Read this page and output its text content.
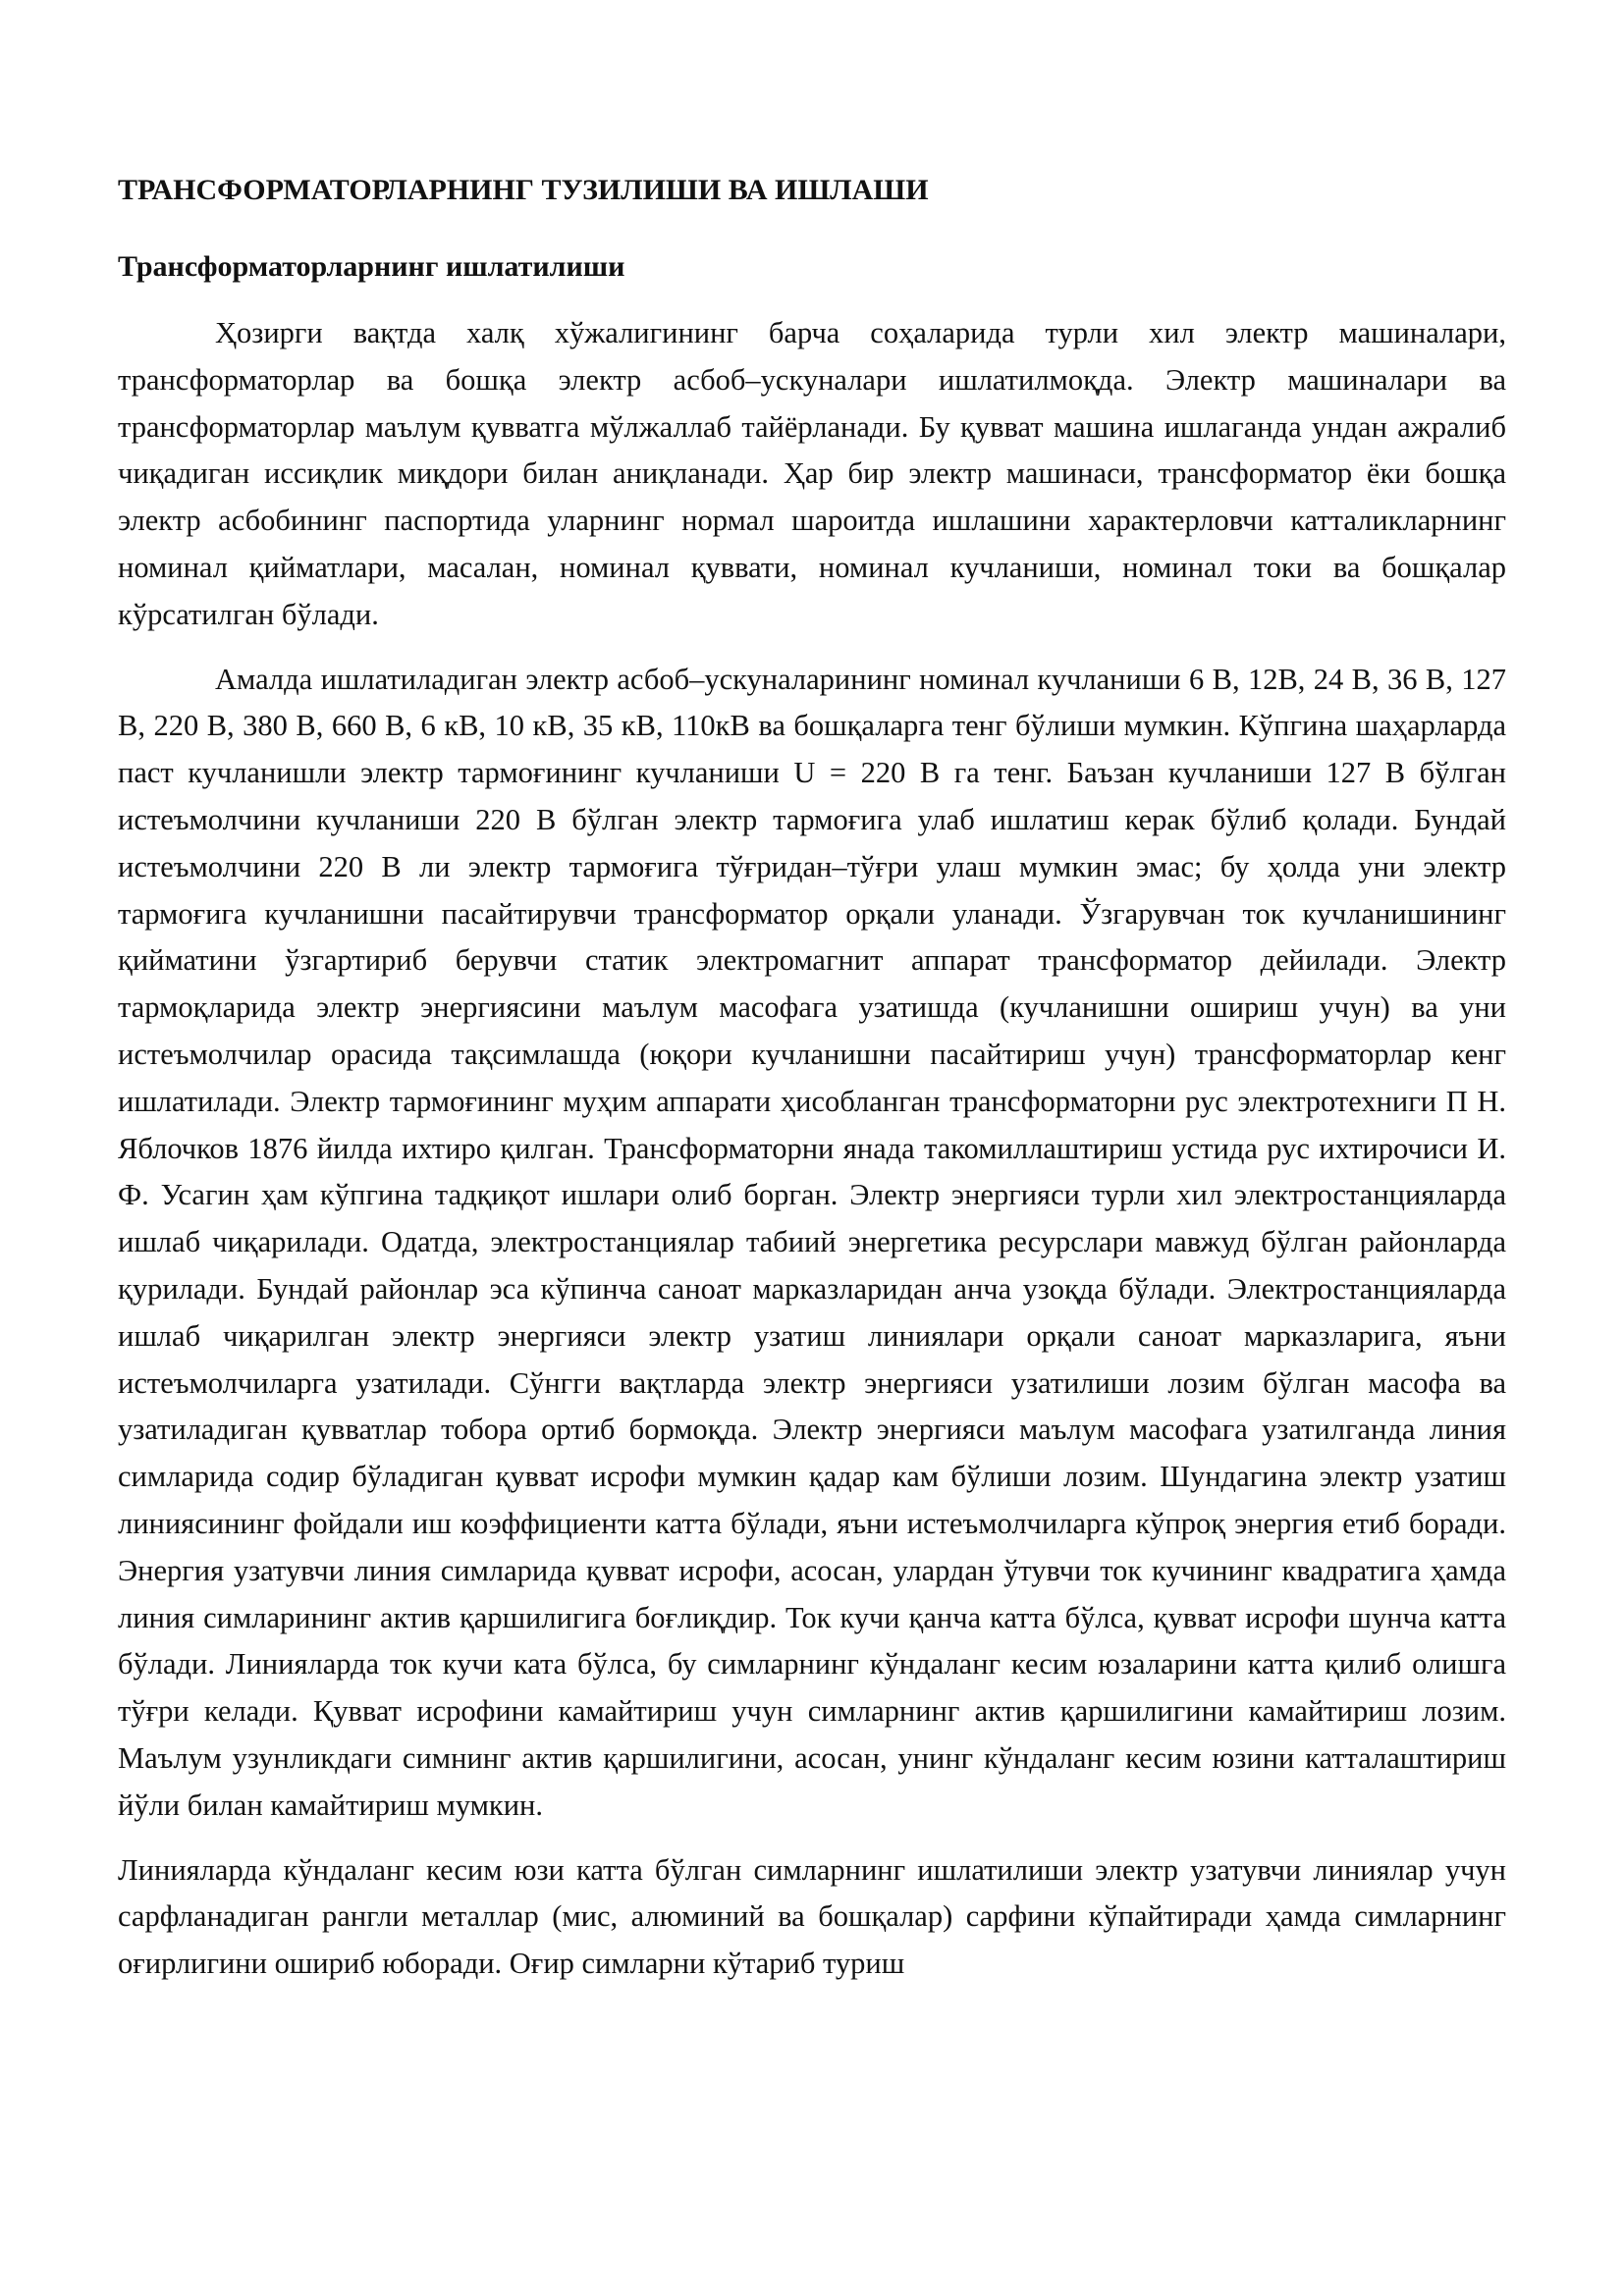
ТРАНСФОРМАТОРЛАРНИНГ ТУЗИЛИШИ ВА ИШЛАШИ
Трансформаторларнинг ишлатилиши

Ҳозирги вақтда халқ хўжалигининг барча соҳаларида турли хил электр машиналари, трансформаторлар ва бошқа электр асбоб–ускуналари ишлатилмоқда. Электр машиналари ва трансформаторлар маълум қувватга мўлжаллаб тайёрланади. Бу қувват машина ишлаганда ундан ажралиб чиқадиган иссиқлик миқдори билан аниқланади. Ҳар бир электр машинаси, трансформатор ёки бошқа электр асбобининг паспортида уларнинг нормал шароитда ишлашини характерловчи катталикларнинг номинал қийматлари, масалан, номинал қуввати, номинал кучланиши, номинал токи ва бошқалар кўрсатилган бўлади.

Амалда ишлатиладиган электр асбоб–ускуналарининг номинал кучланиши 6 В, 12В, 24 В, 36 В, 127 В, 220 В, 380 В, 660 В, 6 кВ, 10 кВ, 35 кВ, 110кВ ва бошқаларга тенг бўлиши мумкин. Кўпгина шаҳарларда паст кучланишли электр тармоғининг кучланиши U = 220 В га тенг. Баъзан кучланиши 127 В бўлган истеъмолчини кучланиши 220 В бўлган электр тармоғига улаб ишлатиш керак бўлиб қолади. Бундай истеъмолчини 220 В ли электр тармоғига тўғридан–тўғри улаш мумкин эмас; бу ҳолда уни электр тармоғига кучланишни пасайтирувчи трансформатор орқали уланади. Ўзгарувчан ток кучланишининг қийматини ўзгартириб берувчи статик электромагнит аппарат трансформатор дейилади. Электр тармоқларида электр энергиясини маълум масофага узатишда (кучланишни ошириш учун) ва уни истеъмолчилар орасида тақсимлашда (юқори кучланишни пасайтириш учун) трансформаторлар кенг ишлатилади. Электр тармоғининг муҳим аппарати ҳисобланган трансформаторни рус электротехниги П Н. Яблочков 1876 йилда ихтиро қилган. Трансформаторни янада такомиллаштириш устида рус ихтирочиси И. Ф. Усагин ҳам кўпгина тадқиқот ишлари олиб борган. Электр энергияси турли хил электростанцияларда ишлаб чиқарилади. Одатда, электростанциялар табиий энергетика ресурслари мавжуд бўлган районларда қурилади. Бундай районлар эса кўпинча саноат марказларидан анча узоқда бўлади. Электростанцияларда ишлаб чиқарилган электр энергияси электр узатиш линиялари орқали саноат марказларига, яъни истеъмолчиларга узатилади. Сўнгги вақтларда электр энергияси узатилиши лозим бўлган масофа ва узатиладиган қувватлар тобора ортиб бормоқда. Электр энергияси маълум масофага узатилганда линия симларида содир бўладиган қувват исрофи мумкин қадар кам бўлиши лозим. Шундагина электр узатиш линиясининг фойдали иш коэффициенти катта бўлади, яъни истеъмолчиларга кўпроқ энергия етиб боради. Энергия узатувчи линия симларида қувват исрофи, асосан, улардан ўтувчи ток кучининг квадратига ҳамда линия симларининг актив қаршилигига боғлиқдир. Ток кучи қанча катта бўлса, қувват исрофи шунча катта бўлади. Линияларда ток кучи ката бўлса, бу симларнинг кўндаланг кесим юзаларини катта қилиб олишга тўғри келади. Қувват исрофини камайтириш учун симларнинг актив қаршилигини камайтириш лозим. Маълум узунликдаги симнинг актив қаршилигини, асосан, унинг кўндаланг кесим юзини катталаштириш йўли билан камайтириш мумкин.

Линияларда кўндаланг кесим юзи катта бўлган симларнинг ишлатилиши электр узатувчи линиялар учун сарфланадиган рангли металлар (мис, алюминий ва бошқалар) сарфини кўпайтиради ҳамда симларнинг оғирлигини ошириб юборади. Оғир симларни кўтариб туриш
